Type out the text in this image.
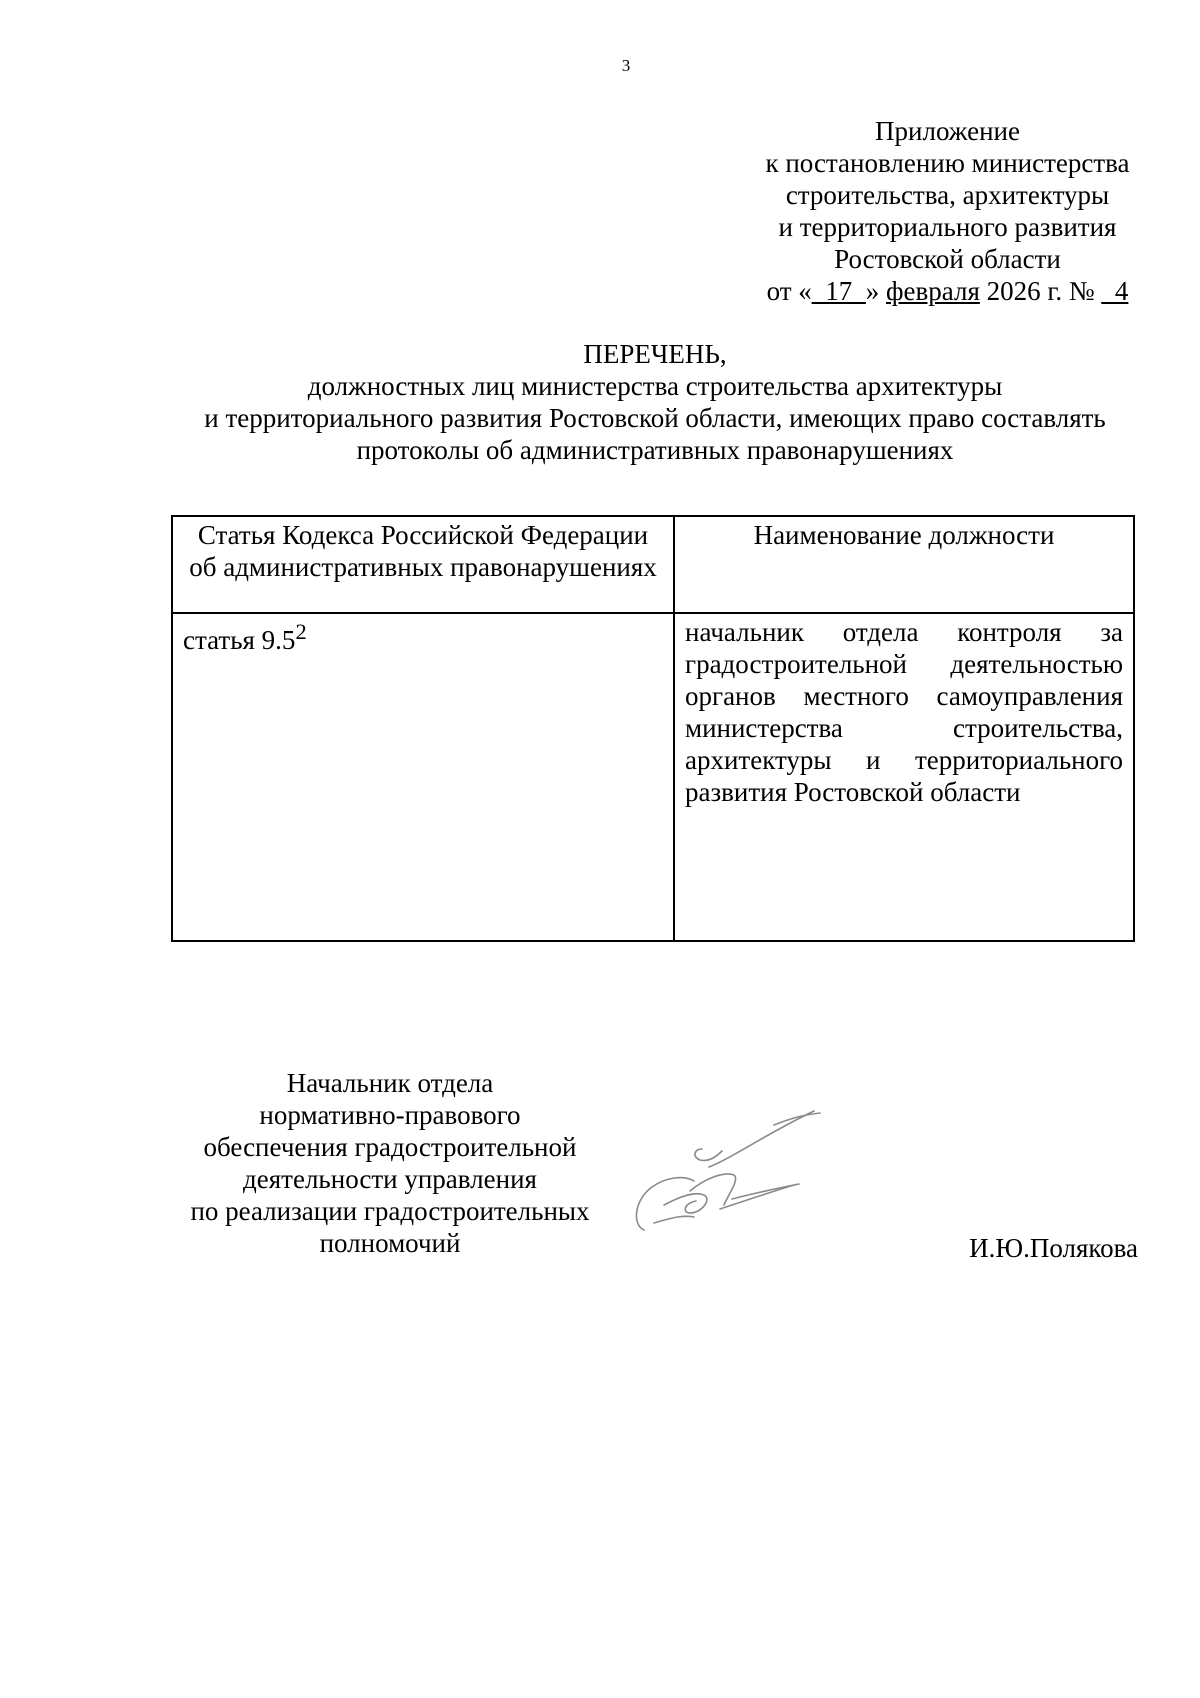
3
Приложение
к постановлению министерства
строительства, архитектуры
и территориального развития
Ростовской области
от «_17_» февраля 2026 г. № _4
ПЕРЕЧЕНЬ,
должностных лиц министерства строительства архитектуры
и территориального развития Ростовской области, имеющих право составлять
протоколы об административных правонарушениях
Статья Кодекса Российской Федерации об административных правонарушениях	Наименование должности
статья $9.5^2$	начальник отдела контроля за градостроительной деятельностью органов местного самоуправления министерства строительства, архитектуры и территориального развития Ростовской области
Начальник отдела
нормативно-правового
обеспечения градостроительной
деятельности управления
по реализации градостроительных
полномочий	И.Ю.Полякова
